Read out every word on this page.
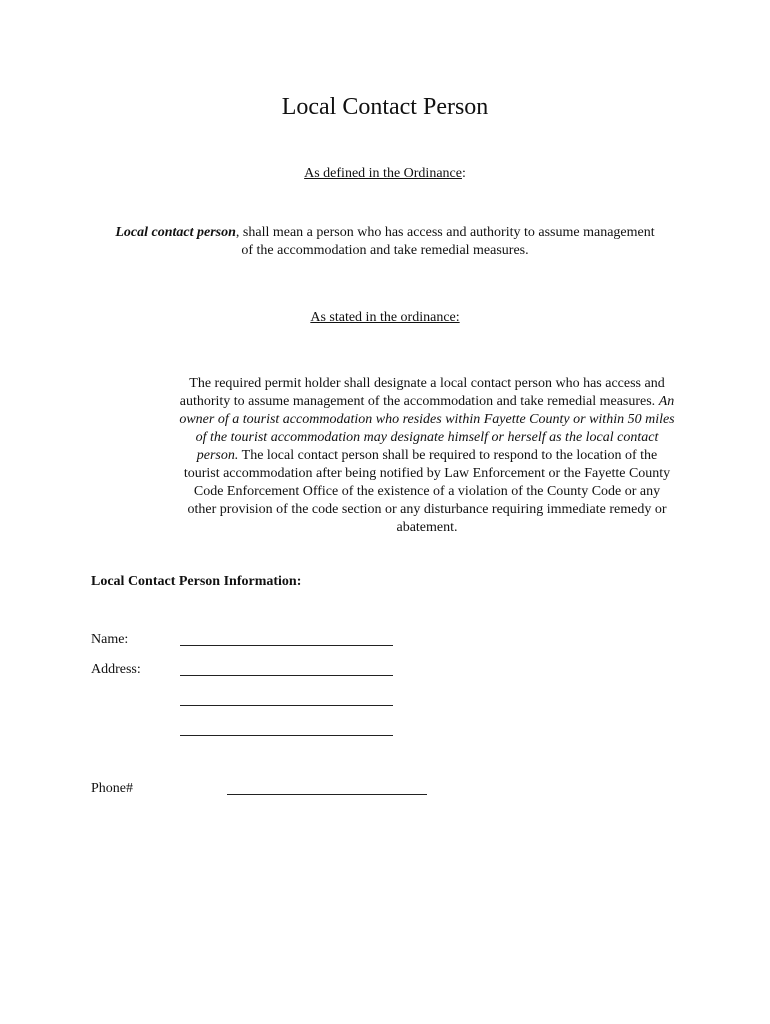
Local Contact Person
As defined in the Ordinance:
Local contact person, shall mean a person who has access and authority to assume management of the accommodation and take remedial measures.
As stated in the ordinance:
The required permit holder shall designate a local contact person who has access and authority to assume management of the accommodation and take remedial measures. An owner of a tourist accommodation who resides within Fayette County or within 50 miles of the tourist accommodation may designate himself or herself as the local contact person. The local contact person shall be required to respond to the location of the tourist accommodation after being notified by Law Enforcement or the Fayette County Code Enforcement Office of the existence of a violation of the County Code or any other provision of the code section or any disturbance requiring immediate remedy or abatement.
Local Contact Person Information:
Name:
Address:
Phone#
